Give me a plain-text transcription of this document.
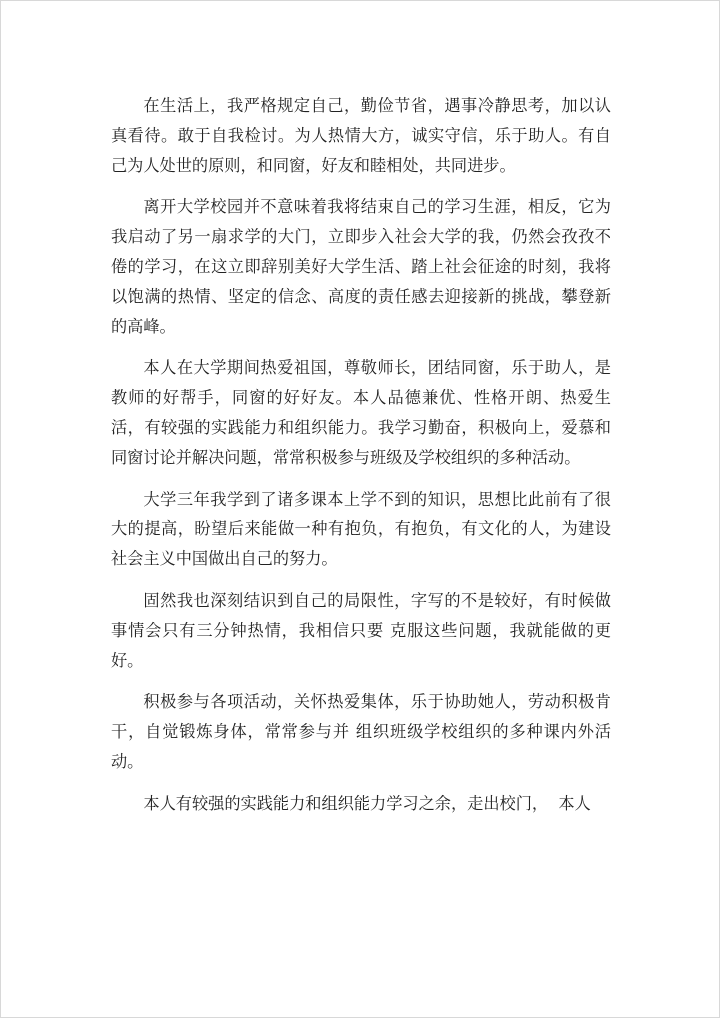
在生活上，我严格规定自己，勤俭节省，遇事冷静思考，加以认真看待。敢于自我检讨。为人热情大方，诚实守信，乐于助人。有自己为人处世的原则，和同窗，好友和睦相处，共同进步。

离开大学校园并不意味着我将结束自己的学习生涯，相反，它为我启动了另一扇求学的大门，立即步入社会大学的我，仍然会孜孜不倦的学习，在这立即辞别美好大学生活、踏上社会征途的时刻，我将以饱满的热情、坚定的信念、高度的责任感去迎接新的挑战，攀登新的高峰。

本人在大学期间热爱祖国，尊敬师长，团结同窗，乐于助人，是教师的好帮手，同窗的好好友。本人品德兼优、性格开朗、热爱生活，有较强的实践能力和组织能力。我学习勤奋，积极向上，爱慕和同窗讨论并解决问题，常常积极参与班级及学校组织的多种活动。

大学三年我学到了诸多课本上学不到的知识，思想比此前有了很大的提高，盼望后来能做一种有抱负，有抱负，有文化的人，为建设社会主义中国做出自己的努力。

固然我也深刻结识到自己的局限性，字写的不是较好，有时候做事情会只有三分钟热情，我相信只要 克服这些问题，我就能做的更好。

积极参与各项活动，关怀热爱集体，乐于协助她人，劳动积极肯干，自觉锻炼身体，常常参与并 组织班级学校组织的多种课内外活动。

本人有较强的实践能力和组织能力学习之余，走出校门，  本人
